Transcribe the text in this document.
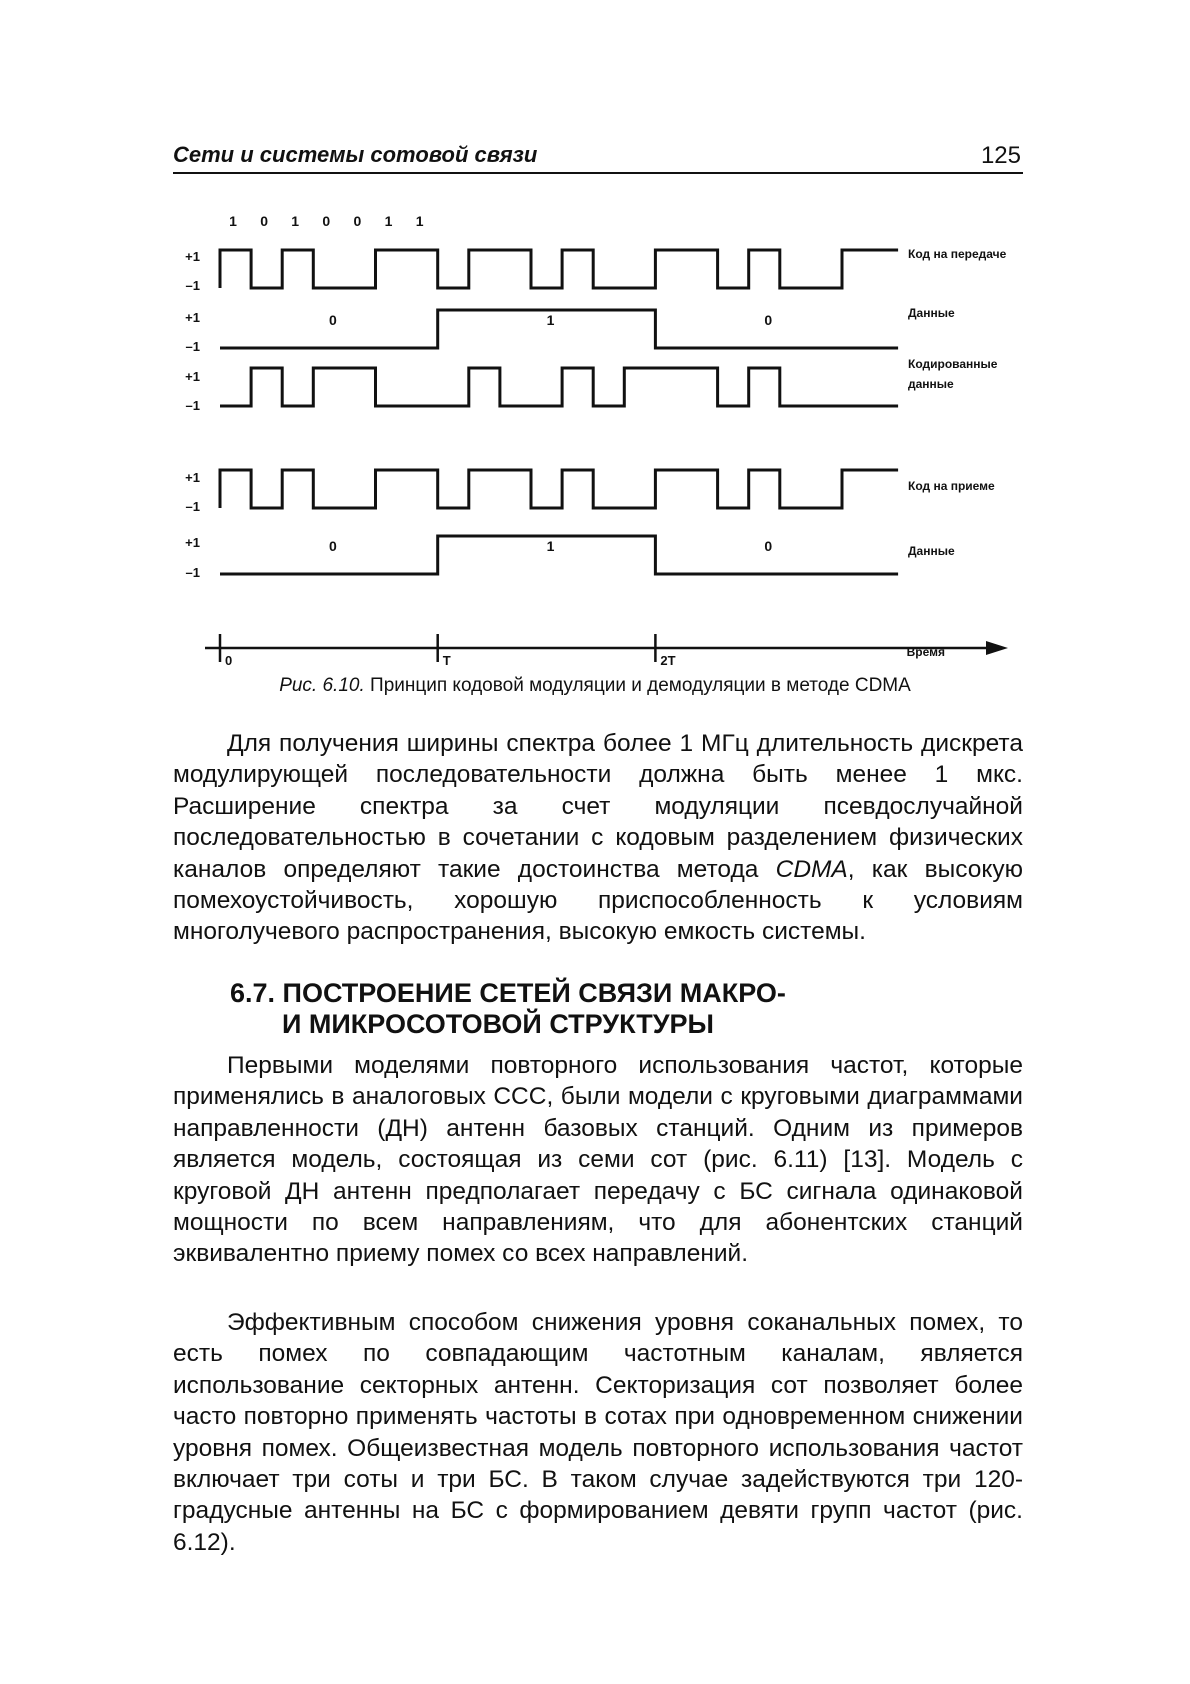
Сети и системы сотовой связи	125
1 0 1 0 0 1 1
+1
–1
Код на передаче
+1
–1
Данные
0	1	0
+1
–1
Кодированные
данные
+1
–1
Код на приеме
+1
–1
Данные
0	1	0
0	T	2T
Время
Рис. 6.10. Принцип кодовой модуляции и демодуляции в методе CDMA

Для получения ширины спектра более 1 МГц длительность дискрета модулирующей последовательности должна быть менее 1 мкс. Расширение спектра за счет модуляции псевдослучайной последовательностью в сочетании с кодовым разделением физических каналов определяют такие достоинства метода CDMA, как высокую помехоустойчивость, хорошую приспособленность к условиям многолучевого распространения, высокую емкость системы.

6.7. ПОСТРОЕНИЕ СЕТЕЙ СВЯЗИ МАКРО-
И МИКРОСОТОВОЙ СТРУКТУРЫ

Первыми моделями повторного использования частот, которые применялись в аналоговых ССС, были модели с круговыми диаграммами направленности (ДН) антенн базовых станций. Одним из примеров является модель, состоящая из семи сот (рис. 6.11) [13]. Модель с круговой ДН антенн предполагает передачу с БС сигнала одинаковой мощности по всем направлениям, что для абонентских станций эквивалентно приему помех со всех направлений.

Эффективным способом снижения уровня соканальных помех, то есть помех по совпадающим частотным каналам, является использование секторных антенн. Секторизация сот позволяет более часто повторно применять частоты в сотах при одновременном снижении уровня помех. Общеизвестная модель повторного использования частот включает три соты и три БС. В таком случае задействуются три 120-градусные антенны на БС с формированием девяти групп частот (рис. 6.12).
